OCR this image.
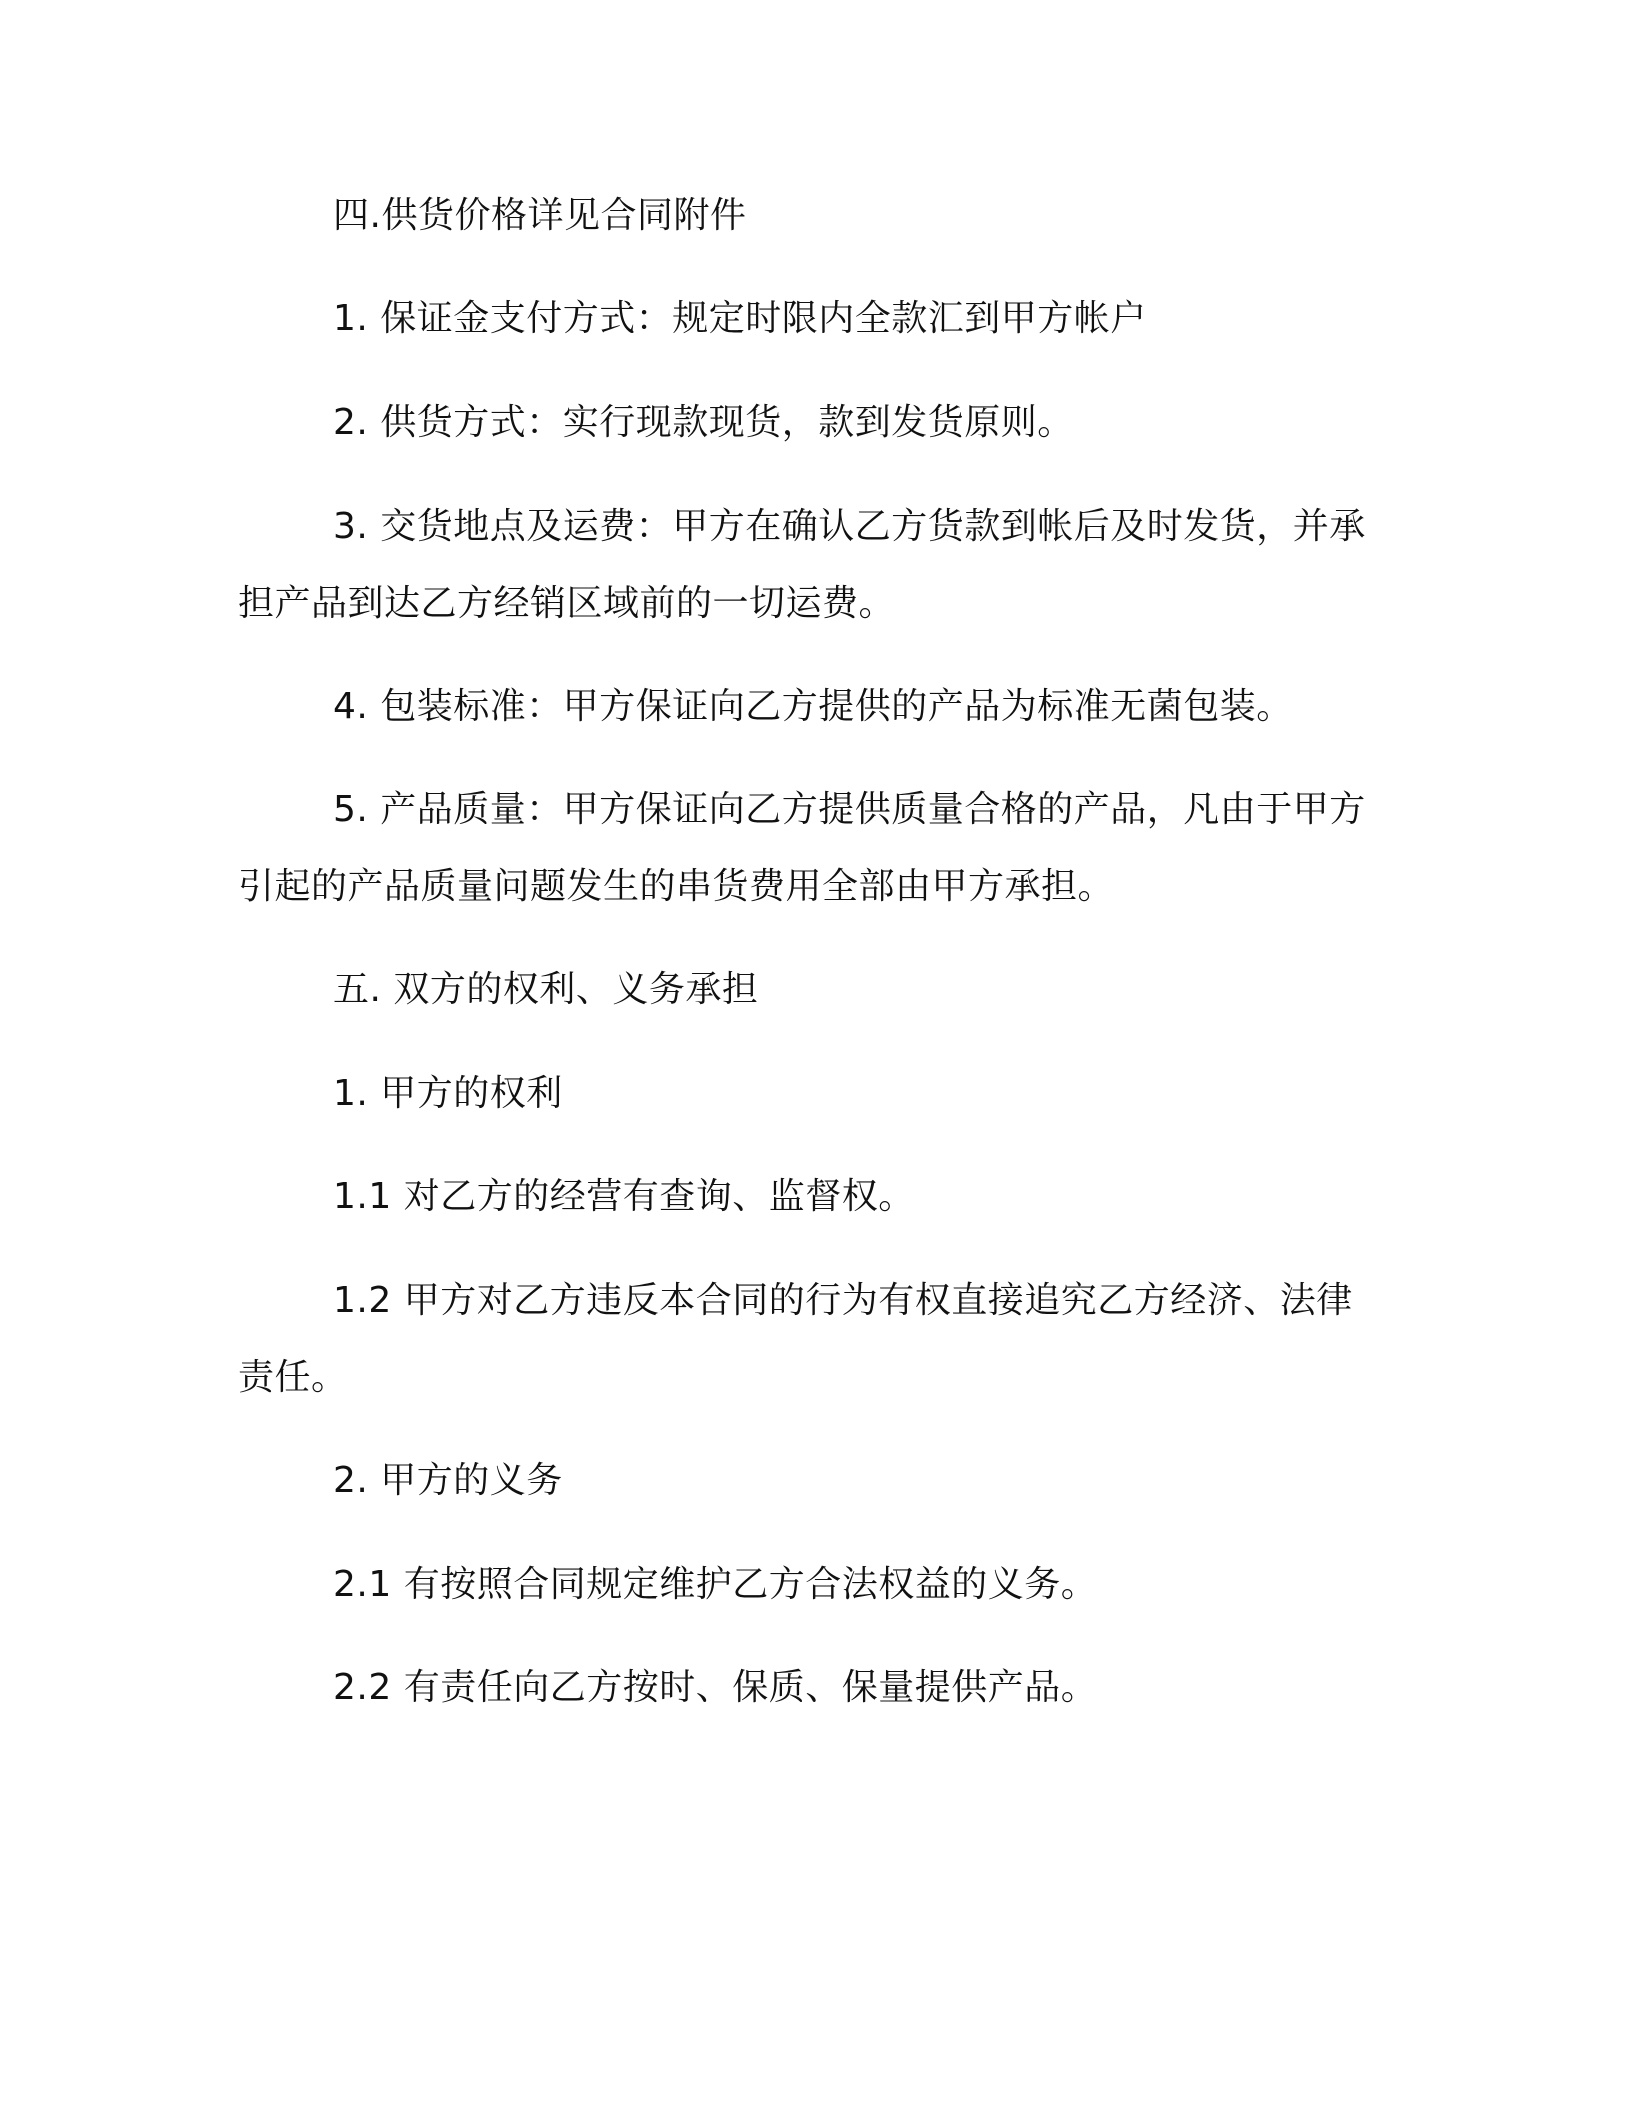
四.供货价格详见合同附件
1. 保证金支付方式：规定时限内全款汇到甲方帐户
2. 供货方式：实行现款现货，款到发货原则。
3. 交货地点及运费：甲方在确认乙方货款到帐后及时发货，并承
担产品到达乙方经销区域前的一切运费。
4. 包装标准：甲方保证向乙方提供的产品为标准无菌包装。
5. 产品质量：甲方保证向乙方提供质量合格的产品，凡由于甲方
引起的产品质量问题发生的串货费用全部由甲方承担。
五. 双方的权利、义务承担
1. 甲方的权利
1.1 对乙方的经营有查询、监督权。
1.2 甲方对乙方违反本合同的行为有权直接追究乙方经济、法律
责任。
2. 甲方的义务
2.1 有按照合同规定维护乙方合法权益的义务。
2.2 有责任向乙方按时、保质、保量提供产品。
